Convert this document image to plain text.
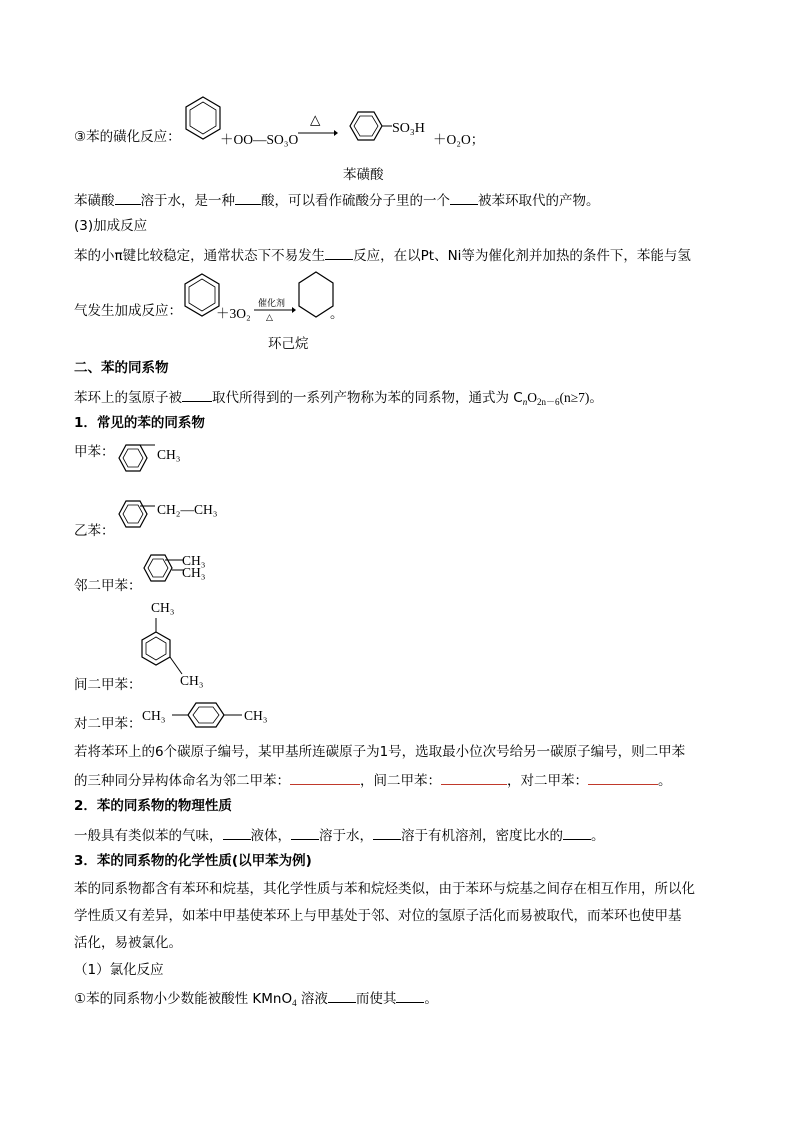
③苯的磺化反应：	＋OO—SO₃O
△
SO₃H
＋O₂O；
苯磺酸
苯磺酸 溶于水，是一种 酸，可以看作硫酸分子里的一个 被苯环取代的产物。
(3)加成反应
苯的小π键比较稳定，通常状态下不易发生 反应，在以Pt、Ni等为催化剂并加热的条件下，苯能与氢
气发生加成反应：	＋3O₂
催化剂
△	。
环己烷
二、苯的同系物
苯环上的氢原子被 取代所得到的一系列产物称为苯的同系物，通式为 $C_nO_{2n-6}(n\ge 7)$。
1．常见的苯的同系物
甲苯：	CH₃
乙苯：
CH₂—CH₃
邻二甲苯：
CH₃
CH₃
CH₃
间二甲苯：	CH₃
对二甲苯：
CH₃	CH₃
若将苯环上的6个碳原子编号，某甲基所连碳原子为1号，选取最小位次号给另一碳原子编号，则二甲苯
的三种同分异构体命名为邻二甲苯：	，间二甲苯：	，对二甲苯：	。
2．苯的同系物的物理性质
一般具有类似苯的气味， 液体， 溶于水， 溶于有机溶剂，密度比水的 。
3．苯的同系物的化学性质(以甲苯为例)
苯的同系物都含有苯环和烷基，其化学性质与苯和烷烃类似，由于苯环与烷基之间存在相互作用，所以化
学性质又有差异，如苯中甲基使苯环上与甲基处于邻、对位的氢原子活化而易被取代，而苯环也使甲基
活化，易被氯化。
（1）氯化反应
①苯的同系物小少数能被酸性 KMnO$_4$ 溶液 而使其 。
